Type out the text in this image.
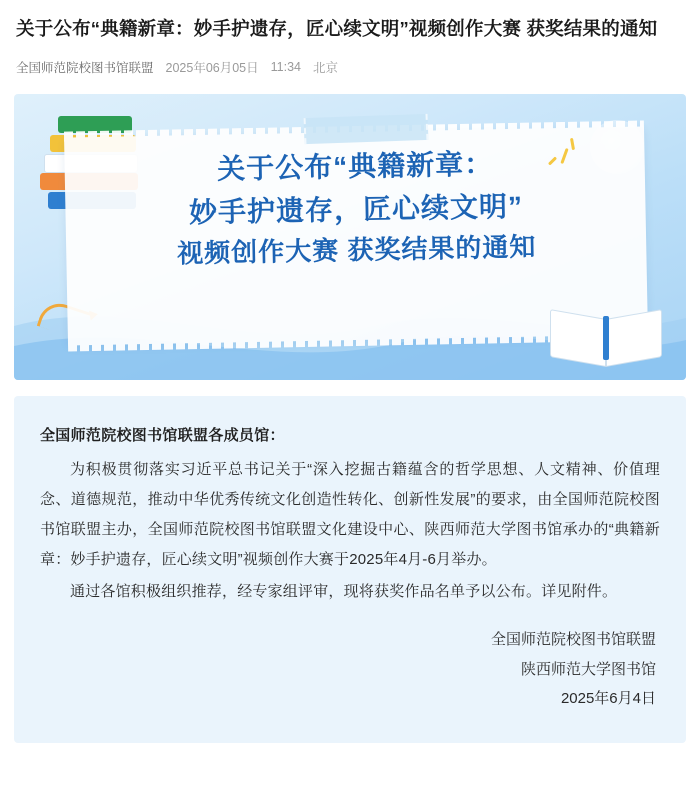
关于公布“典籍新章：妙手护遗存，匠心续文明”视频创作大赛 获奖结果的通知
全国师范院校图书馆联盟 2025年06月05日 11:34 北京
关于公布“典籍新章：
妙手护遗存，匠心续文明”
视频创作大赛 获奖结果的通知

全国师范院校图书馆联盟各成员馆：

为积极贯彻落实习近平总书记关于“深入挖掘古籍蕴含的哲学思想、人文精神、价值理念、道德规范，推动中华优秀传统文化创造性转化、创新性发展”的要求，由全国师范院校图书馆联盟主办，全国师范院校图书馆联盟文化建设中心、陕西师范大学图书馆承办的“典籍新章：妙手护遗存，匠心续文明”视频创作大赛于2025年4月-6月举办。

通过各馆积极组织推荐，经专家组评审，现将获奖作品名单予以公布。详见附件。

全国师范院校图书馆联盟
陕西师范大学图书馆
2025年6月4日
